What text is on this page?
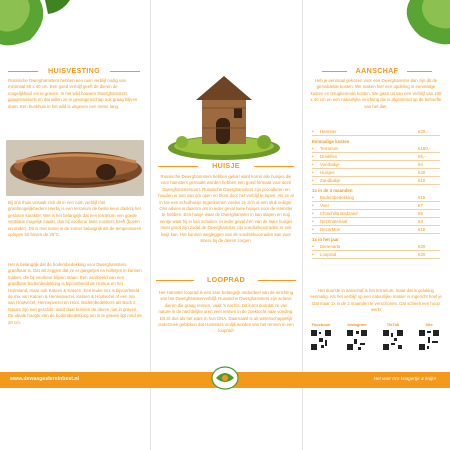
HUISVESTING

Russische Dwerghamsters hebben een ruim verblijf nodig van minimaal 60 x 40 cm. Een goed verblijf geeft de dieren de mogelijkheid om te graven. In het wild bouwen Dwerghamsters gangenstelsels en dat willen ze in gevangenschap ook graag blijven doen. Een bunkhuis in het wild is uitgeven een meter lang.

Bij ons thuis vertaalt zich dit in een ruim verblijf met graafmogelijkheden! Hierbij is een terrarium de beste keus dankzij het gesloten karakter. Wel is het belangrijk dat een terrarium een goede ventilatie mogelijk maakt, dus bij voorkeur twee roosters heeft (boven en onder). Dit is met name in de zomer belangrijk als de temperaturen oplopen tot boven de 25°C.

Het is belangrijk dat de bodembedekking voor Dwerghamsters graafbaar is. Dat wil zeggen dat ze er gangetjes en holletjes in kunnen maken, die bij voorkeur blijven staan. Een voorbeeld van een graafbare bodembedekking is bijvoorbeeld de Humus en het Holesland, maar ook Katoen & Katoen. Een leuke mix is bijvoorbeeld de mix van Katoen & Hennepvezel, Katoen & Houtvezel of een mix van Houtvezel, Hennepvezel en Hooi. Bodembedekkers als Back 2 Nature zijn niet geschikt, want daar kunnen de dieren niet in graven. De ideale hoogte van de bodembedekking om in te graven ligt rond de 20 cm.

HUISJE

Russische Dwerghamsters hebben geluk! want korrel alle huisjes die voor hamsters gemaakt worden hebben een goed formaat voor deze Dwerghamstersoort. Russische Dwerghamsters zijn prooidieren en houden er niet van om open en bloot door het verblijf te lopen. Als ze al in toe een schuilhuisje tegenkomen voelen ze zich al een stuk veiliger. Ons advies is daarom om in ieder geval twee huisjes voor de Hamster te hebben. Een huisje waar de Dwerghamster in kan slapen en nog eentje waar hij in kan schuilen. In ieder geval één van de twee huisjes moet groot zijn zodat de Dwerghamster zijn voedselvoorraden er ook kwijt kan. Het kunnen wegleggen van de voedselvoorraden kan voor stress bij de dieren zorgen.

LOOPRAD

Het Hamster looprad is een zeer belangrijk onderdeel van de inrichting van het Dwerghamsterverblijf. Russische Dwerghamsters zijn actieve dieren die graag rennen, vaak 's nachts. Dit komt doordat ze van nature in de nachtelijke uren veel rennen in de zoektocht naar voeding. Dit zit dus als het ware in hun DNA. Daarnaast is uit wetenschappelijk onderzoek gebleken dat Hamsters vrolijk worden van het rennen in een looprad!

AANSCHAF

Heb je eenmaal gekozen voor een Dwerghamster dan zijn dit de gemiddelde kosten. We maken hier een opdeling in eenmalige kosten en terugkerende kosten. We gaan uit van een verblijf van 100 x 40 cm en een natuurlijke inrichting die is afgestemd op de behoefte van het dier.

•	Hamster	€20,-
Eenmalige kosten
•	Terrarium	€150,-
•	Drinkfles	€5,-
•	Voerbakje	€4
•	Huisjes	€20
•	Zandbakje	€10
1x in de 3 maanden
•	Bodembedekking	€15
•	Voer	€7
•	Chinchilla Badzand	€5
•	Nestmateriaal	€3
•	DecorMos	€10
1x in het jaar
•	Dierenarts	€20
•	Looprad	€20

Het duurste in aanschaf is het terrarium, maar dat is gelukkig eenmalig. Als het verblijf op een natuurlijke manier is ingericht hoef je Dat maar 1x in de 3 maanden te verschonen. Dat scheelt een hoop werk!

Facebook	Instagram	TikTok	Site
www.dewasgestereinbest.nl	Het voor m'n knagertje & knijn!
